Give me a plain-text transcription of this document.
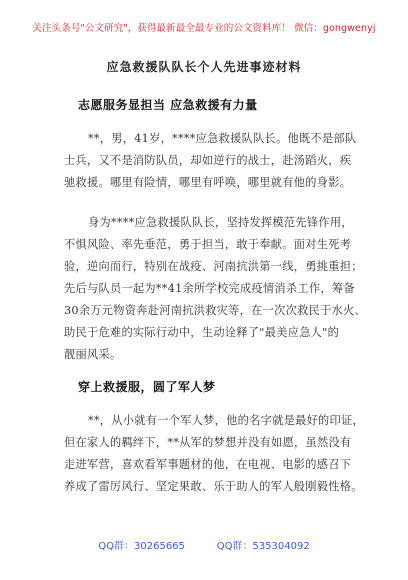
关注头条号"公文研究"，获得最新最全最专业的公文资料库！ 微信：gongwenyj
应急救援队队长个人先进事迹材料
志愿服务显担当 应急救援有力量
**，男，41岁，****应急救援队队长。他既不是部队
士兵，又不是消防队员，却如逆行的战士，赴汤蹈火，疾
驰救援。哪里有险情，哪里有呼唤，哪里就有他的身影。
身为****应急救援队队长，坚持发挥模范先锋作用，
不惧风险、率先垂范，勇于担当，敢于奉献。面对生死考
验，逆向而行，特别在战疫、河南抗洪第一线，勇挑重担；
先后与队员一起为**41余所学校完成疫情消杀工作，筹备
30余万元物资奔赴河南抗洪救灾等，在一次次救民于水火、
助民于危难的实际行动中，生动诠释了"最美应急人"的
靓丽风采。
穿上救援服，圆了军人梦
**，从小就有一个军人梦，他的名字就是最好的印证，
但在家人的羁绊下，**从军的梦想并没有如愿，虽然没有
走进军营，喜欢看军事题材的他，在电视、电影的感召下
养成了雷厉风行、坚定果敢、乐于助人的军人般刚毅性格。
QQ群：30265665          QQ群：535304092
